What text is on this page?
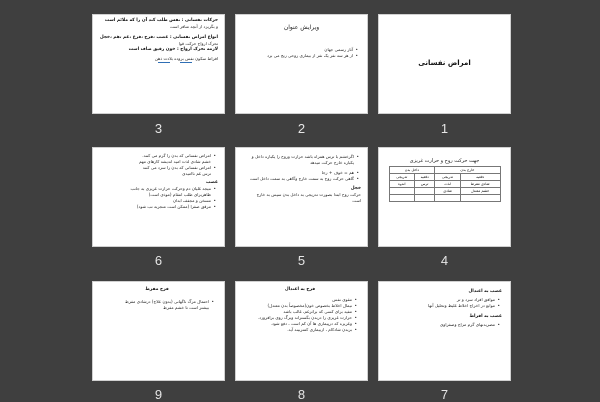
امراض نفسانی
1
ویرایش عنوان
• آثار رسمی جهان
• از هر سه نفر یک نفر از بیماری روحی رنج می برد
2
حرکات نفسانی : نفس طلب کند آن را که ملائم است
و بگریزد از آنچه منافر است
انواع امراض نفسانی : غضب ،فرح ،فزع ،غم ،هم ،خجل
تحرک ارواح حرکت قوا
لازمه تحرک ارواح : خون رقیق صاف است
افراط سکون نفس بروده بلادت ذهن
3
جهت حرکت روح و حرارت غریزی
خارج بدن		داخل بدن	
دفعیه	تدریجی	دفعیه	تدریجی
شادی مفرط	لذت	ترس	اندوه
خشم معتدل	شادی		

4
• اگرخشم با ترس همراه باشد حرارت وروح را یکباره داخل و
یکباره خارج حرکت میدهد
• هم = خوف + رجا
• گاهی حرکت روح به سمت خارج وگاهی به سمت داخل است
خجل
حرکت روح ابتدا بصورت تدریجی به داخل بدن سپس به خارج
است
5
• امراض نفسانی که بدن را گرم می کنند.
خشم شادی لذت امید اندیشه کارهای مهم
• امراض نفسانی که بدن را سرد می کنند
ترس غم ناامیدی
غضب
• نتیجه غلیان دم وحرکت حرارت غریزی به جانب
ظاهربرای طلب انتقام (موذی است)
• مسخن و مجفف ابدان
• مرقق صفرا (ممکن است منجربه تب شود)
6
غضب به اعتدال
• موافق افراد سرد و تر
• موانع در اخراج اخلاط غلیظ وتحلیل آنها
غضب به افراط
• مضربدنهای گرم مزاج وصفراوی
7
فرح به اعتدال
• مقوی نفس
• نیمال اخلاط بخصوص خون(مخصوصاً بدن معتدل)
• مفید برای کسی که براثرغم، غالب باشد
• حرارت غریزی را دربدن بگستراند وبرگ روی برافروزد.
• وغریزه که درپیماری ها آن کم است ، دفع شود.
• بربدن شادکام ، ازبیماری کمتربیند آید.
8
فرح مفرط
• احتمال مرگ ناگهانی (بدون علاج) درشادی مفرط
بیشتر است تا خشم مفرط
9
